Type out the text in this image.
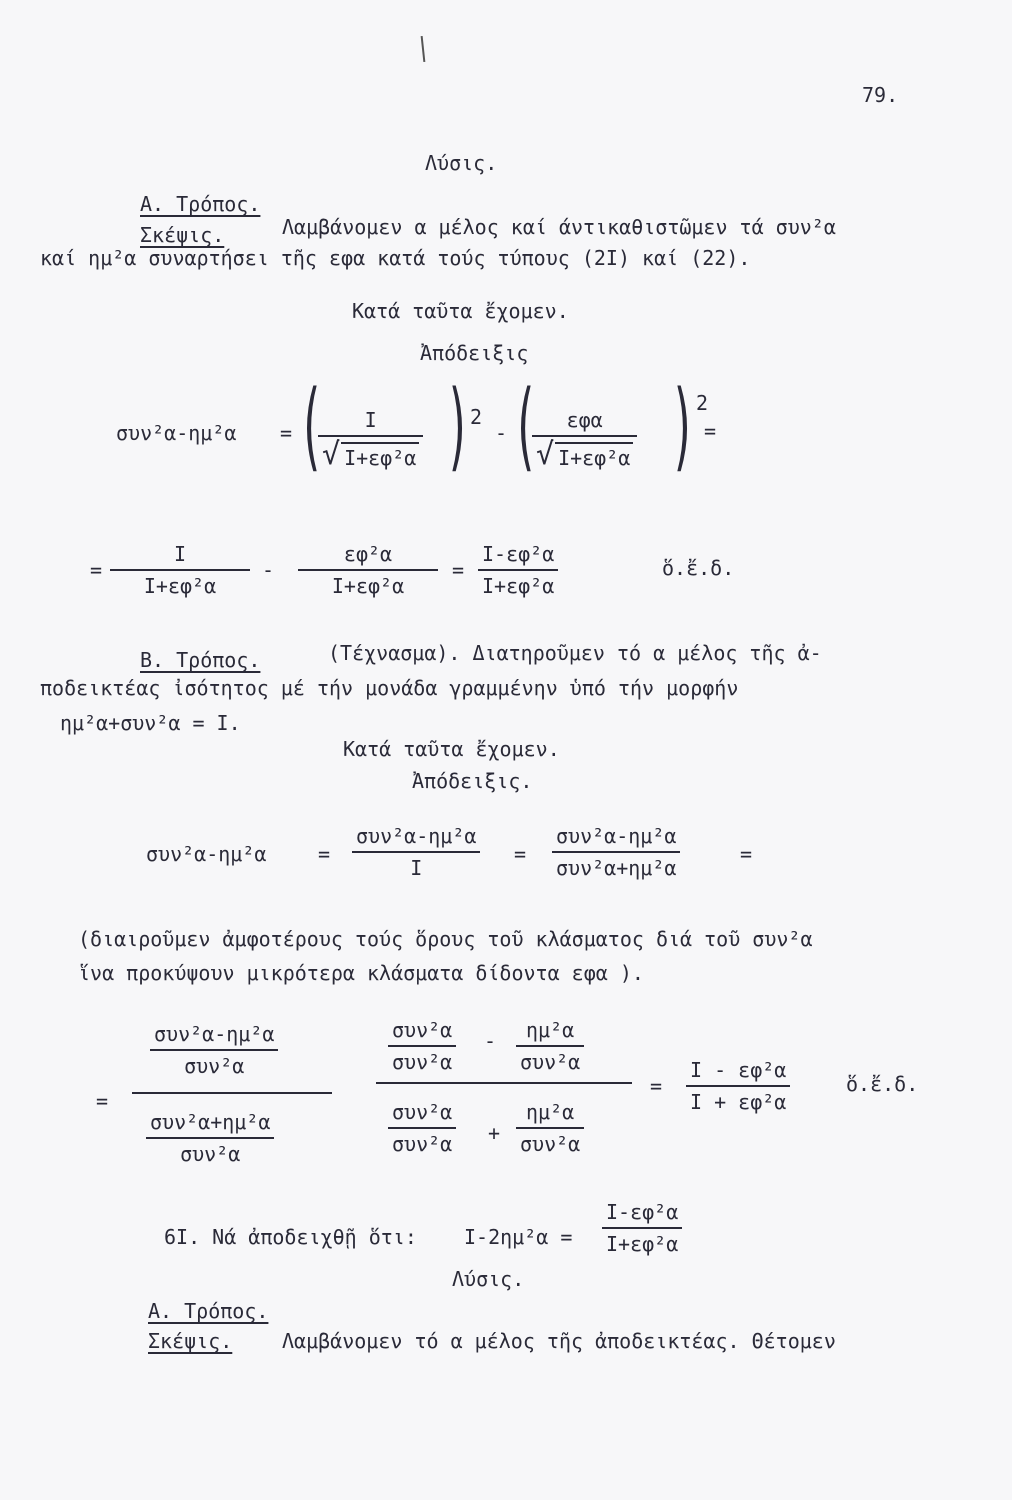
79.
Λύσις.
Α. Τρόπος.
Σκέψις.	Λαμβάνομεν α μέλος καί άντικαθιστῶμεν τά συν²α
καί ημ²α συναρτήσει τῆς εφα κατά τούς τύπους (2Ι) καί (22).
Κατά ταῦτα ἔχομεν.
Ἀπόδειξις
συν²α-ημ²α = ( Ι
√ Ι+εφ²α )
2
- ( εφα
√ Ι+εφ²α ) 2
=
=
Ι
Ι+εφ²α
-
εφ²α
Ι+εφ²α
=
Ι-εφ²α
Ι+εφ²α
ὅ.ἔ.δ.
Β. Τρόπος.	(Τέχνασμα). Διατηροῦμεν τό α μέλος τῆς ἀ-
ποδεικτέας ἰσότητος μέ τήν μονάδα γραμμένην ὑπό τήν μορφήν
ημ²α+συν²α = Ι.
Κατά ταῦτα ἔχομεν.
Ἀπόδειξις.
συν²α-ημ²α	=
συν²α-ημ²α
Ι
=
συν²α-ημ²α
συν²α+ημ²α
=
(διαιροῦμεν ἀμφοτέρους τούς ὅρους τοῦ κλάσματος διά τοῦ συν²α
ἵνα προκύψουν μικρότερα κλάσματα δίδοντα εφα ).
=
συν²α-ημ²α
συν²α
συν²α+ημ²α
συν²α
συν²α
συν²α
- ημ²α
συν²α
συν²α
συν²α +
ημ²α
συν²α
=
Ι - εφ²α
Ι + εφ²α
ὅ.ἔ.δ.
6Ι. Νά ἀποδειχθῇ ὅτι: Ι-2ημ²α =
Ι-εφ²α
Ι+εφ²α
Λύσις.
Α. Τρόπος.
Σκέψις. Λαμβάνομεν τό α μέλος τῆς ἀποδεικτέας. Θέτομεν
